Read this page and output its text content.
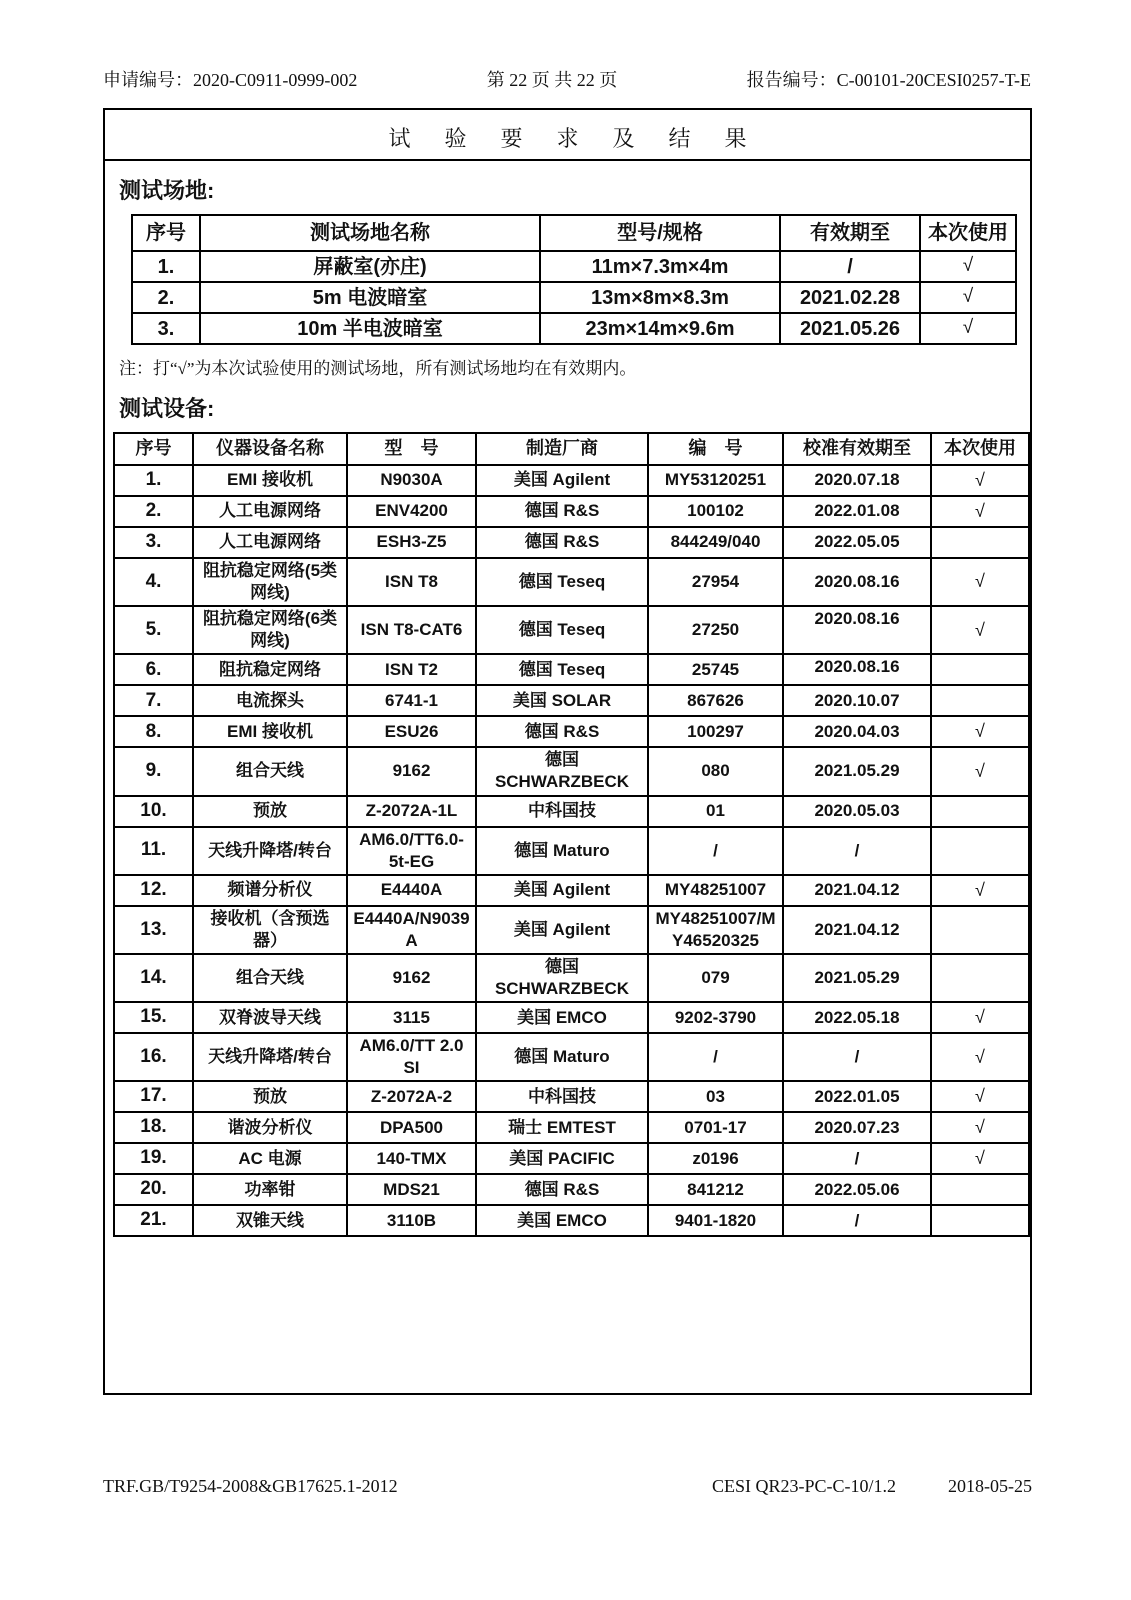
申请编号：2020-C0911-0999-002	第 22 页 共 22 页	报告编号：C-00101-20CESI0257-T-E
试验要求及结果
测试场地:
序号	测试场地名称	型号/规格	有效期至	本次使用
1.	屏蔽室(亦庄)	11m×7.3m×4m	/	√
2.	5m 电波暗室	13m×8m×8.3m	2021.02.28	√
3.	10m 半电波暗室	23m×14m×9.6m	2021.05.26	√
注：打“√”为本次试验使用的测试场地，所有测试场地均在有效期内。
测试设备:
序号	仪器设备名称	型　号	制造厂商	编　号	校准有效期至	本次使用
1.	EMI 接收机	N9030A	美国 Agilent	MY53120251	2020.07.18	√
2.	人工电源网络	ENV4200	德国 R&S	100102	2022.01.08	√
3.	人工电源网络	ESH3-Z5	德国 R&S	844249/040	2022.05.05	
4.	阻抗稳定网络(5类网线)	ISN T8	德国 Teseq	27954	2020.08.16	√
5.	阻抗稳定网络(6类网线)	ISN T8-CAT6	德国 Teseq	27250	2020.08.16	√
6.	阻抗稳定网络	ISN T2	德国 Teseq	25745	2020.08.16	
7.	电流探头	6741-1	美国 SOLAR	867626	2020.10.07	
8.	EMI 接收机	ESU26	德国 R&S	100297	2020.04.03	√
9.	组合天线	9162	德国 SCHWARZBECK	080	2021.05.29	√
10.	预放	Z-2072A-1L	中科国技	01	2020.05.03	
11.	天线升降塔/转台	AM6.0/TT6.0-5t-EG	德国 Maturo	/	/	
12.	频谱分析仪	E4440A	美国 Agilent	MY48251007	2021.04.12	√
13.	接收机（含预选器）	E4440A/N9039A	美国 Agilent	MY48251007/MY46520325	2021.04.12	
14.	组合天线	9162	德国 SCHWARZBECK	079	2021.05.29	
15.	双脊波导天线	3115	美国 EMCO	9202-3790	2022.05.18	√
16.	天线升降塔/转台	AM6.0/TT 2.0 SI	德国 Maturo	/	/	√
17.	预放	Z-2072A-2	中科国技	03	2022.01.05	√
18.	谐波分析仪	DPA500	瑞士 EMTEST	0701-17	2020.07.23	√
19.	AC 电源	140-TMX	美国 PACIFIC	z0196	/	√
20.	功率钳	MDS21	德国 R&S	841212	2022.05.06	
21.	双锥天线	3110B	美国 EMCO	9401-1820	/	
TRF.GB/T9254-2008&GB17625.1-2012	CESI QR23-PC-C-10/1.2	2018-05-25
